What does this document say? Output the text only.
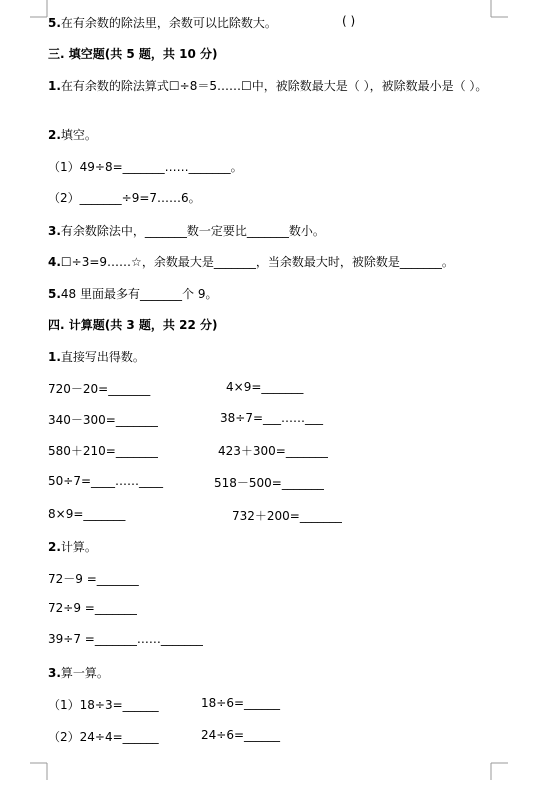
5.在有余数的除法里，余数可以比除数大。	( )
三. 填空题(共 5 题，共 10 分)
1.在有余数的除法算式☐÷8＝5……☐中，被除数最大是（ ），被除数最小是（ ）。
2.填空。
（1）49÷8=_______……_______。
（2）_______÷9=7……6。
3.有余数除法中，_______数一定要比_______数小。
4.☐÷3=9……☆，余数最大是_______，当余数最大时，被除数是_______。
5.48 里面最多有_______个 9。
四. 计算题(共 3 题，共 22 分)
1.直接写出得数。
720－20=_______	4×9=_______
340－300=_______	38÷7=___……___
580＋210=_______	423＋300=_______
50÷7=____……____	518－500=_______
8×9=_______	732＋200=_______
2.计算。
72－9 =_______
72÷9 =_______
39÷7 =_______……_______
3.算一算。
（1）18÷3=______	18÷6=______
（2）24÷4=______	24÷6=______
